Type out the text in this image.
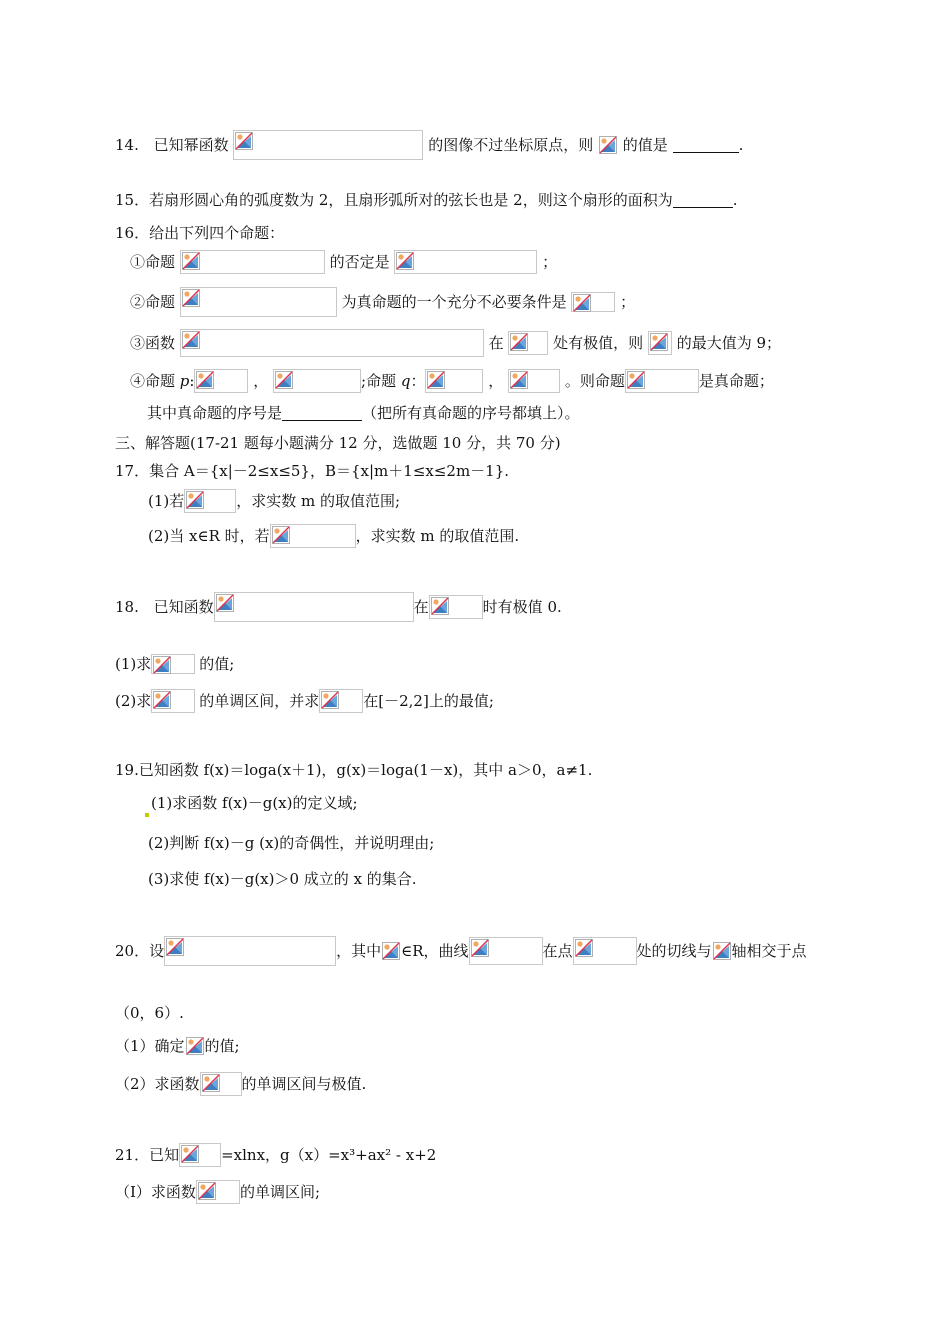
14. 已知幂函数	的图像不过坐标原点，则
的值是	.
15．若扇形圆心角的弧度数为 2，且扇形弧所对的弦长也是 2，则这个扇形的面积为	.
16．给出下列四个命题：
①命题	的否定是	；
②命题	为真命题的一个充分不必要条件是	；
③函数	在	处有极值，则 的最大值为 9；
④命题 p:	，	;命题 q：	，	。则命题	是真命题；
其中真命题的序号是	（把所有真命题的序号都填上）。
三、解答题(17-21 题每小题满分 12 分，选做题 10 分，共 70 分)
17．集合 A＝{x|－2≤x≤5}，B＝{x|m＋1≤x≤2m－1}.
(1)若	，求实数 m 的取值范围;
(2)当 x∈R 时，若	，求实数 m 的取值范围.
18. 已知函数	在	时有极值 0.
(1)求	的值;
(2)求	的单调区间，并求	在[－2,2]上的最值;
19.已知函数 f(x)＝loga(x＋1)，g(x)＝loga(1－x)，其中 a＞0，a≠1.
(1)求函数 f(x)－g(x)的定义域;
(2)判断 f(x)－g (x)的奇偶性，并说明理由;
(3)求使 f(x)－g(x)＞0 成立的 x 的集合.
20．设	，其中 ∈R，曲线	在点	处的切线与 轴相交于点
（0，6）.
（1）确定 的值;
（2）求函数	的单调区间与极值.
21．已知	=xlnx，g（x）=x³+ax² - x+2
（Ⅰ）求函数	的单调区间;
